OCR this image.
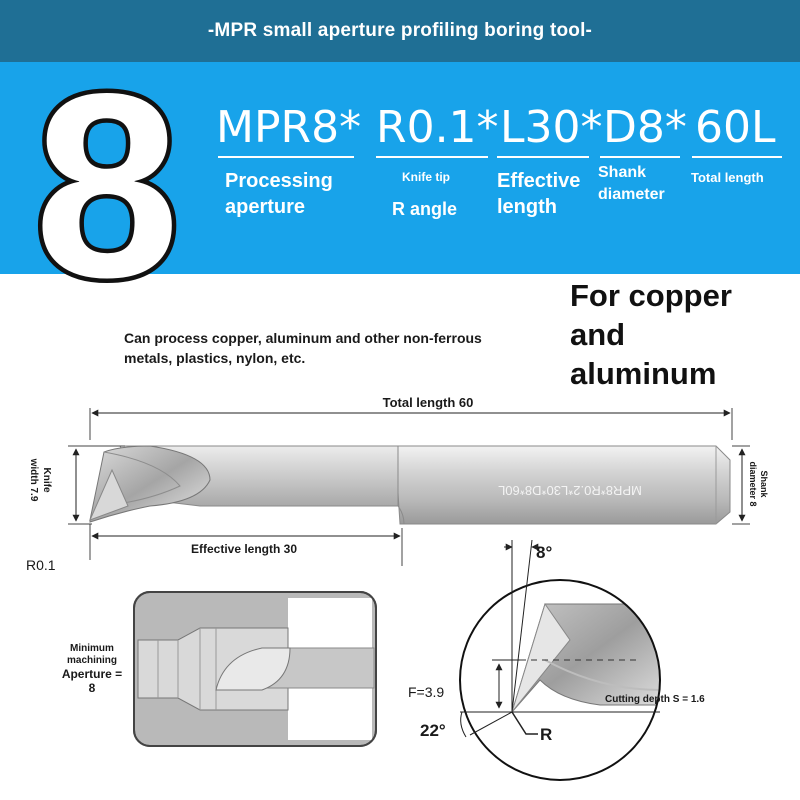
-MPR small aperture profiling boring tool-
8 MPR8* R0.1* L30* D8* 60L
Processing
aperture
Knife tip
R angle
Effective
length
Shank
diameter
Total length
Can process copper, aluminum and other non-ferrous
metals, plastics, nylon, etc.
For copper
and
aluminum
Total length 60
MPR8*R0.2*L30*D8*60L
Knife
width 7.9	Shank
diameter 8
R0.1
Effective length 30
Minimum
machining
Aperture =
8
8°
F=3.9
22°	R
Cutting depth S = 1.6
